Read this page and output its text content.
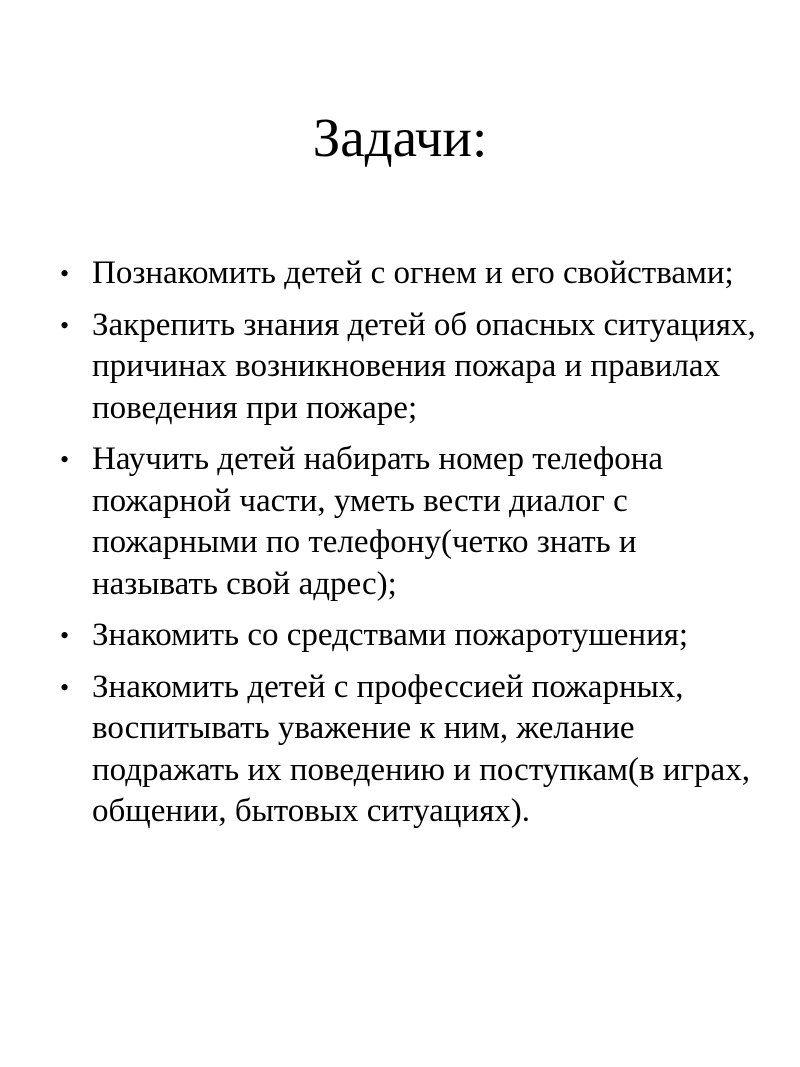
Задачи:
• Познакомить детей с огнем и его свойствами;
• Закрепить знания детей об опасных ситуациях, причинах возникновения пожара и правилах поведения при пожаре;
• Научить детей набирать номер телефона пожарной части, уметь вести диалог с пожарными по телефону(четко знать и называть свой адрес);
• Знакомить со средствами пожаротушения;
• Знакомить детей с профессией пожарных, воспитывать уважение к ним, желание подражать их поведению и поступкам(в играх, общении, бытовых ситуациях).
